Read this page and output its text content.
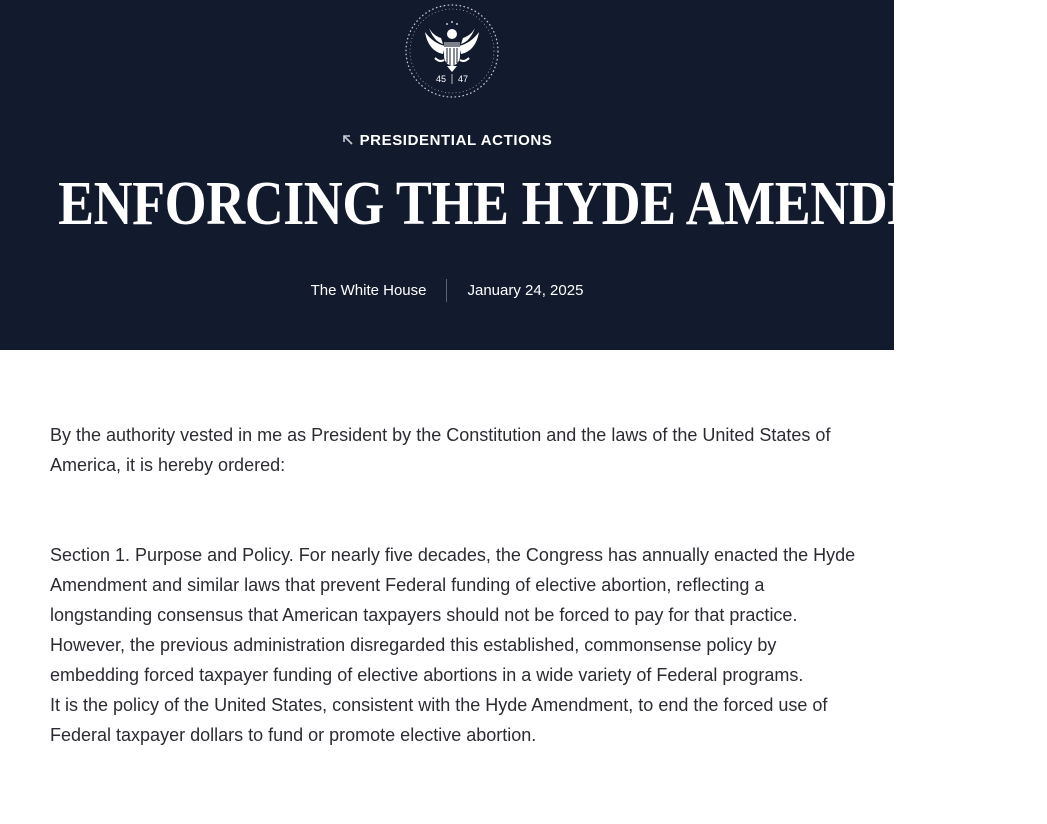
45 47
PRESIDENTIAL ACTIONS
ENFORCING THE HYDE AMENDMENT
The White House	January 24, 2025

By the authority vested in me as President by the Constitution and the laws of the United States of America, it is hereby ordered:

Section 1. Purpose and Policy. For nearly five decades, the Congress has annually enacted the Hyde Amendment and similar laws that prevent Federal funding of elective abortion, reflecting a longstanding consensus that American taxpayers should not be forced to pay for that practice. However, the previous administration disregarded this established, commonsense policy by embedding forced taxpayer funding of elective abortions in a wide variety of Federal programs.

It is the policy of the United States, consistent with the Hyde Amendment, to end the forced use of Federal taxpayer dollars to fund or promote elective abortion.
